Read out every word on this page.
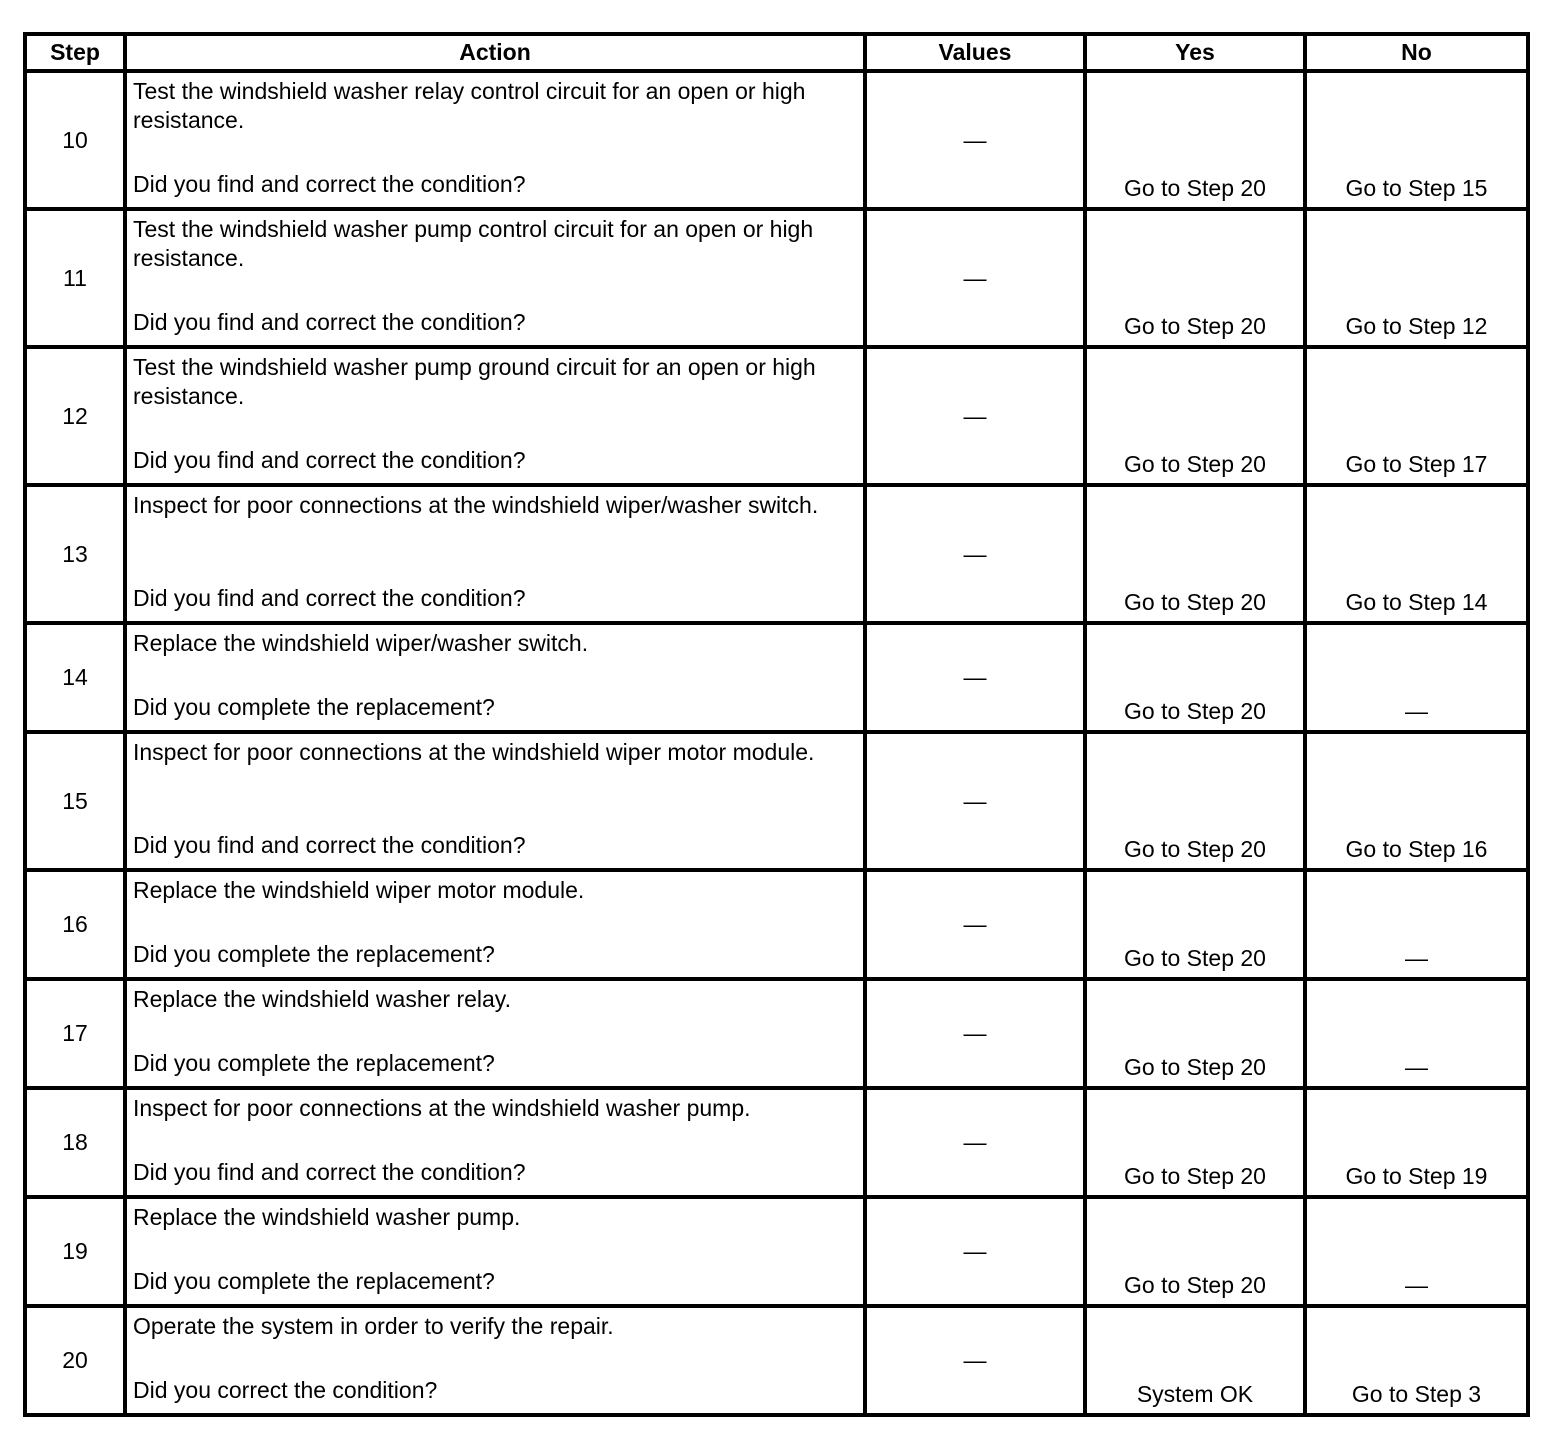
Step	Action	Values	Yes	No
10	Test the windshield washer relay control circuit for an open or high resistance.
Did you find and correct the condition?	—	Go to Step 20	Go to Step 15
11	Test the windshield washer pump control circuit for an open or high resistance.
Did you find and correct the condition?	—	Go to Step 20	Go to Step 12
12	Test the windshield washer pump ground circuit for an open or high resistance.
Did you find and correct the condition?	—	Go to Step 20	Go to Step 17
13	Inspect for poor connections at the windshield wiper/washer switch.
Did you find and correct the condition?	—	Go to Step 20	Go to Step 14
14	Replace the windshield wiper/washer switch.
Did you complete the replacement?	—	Go to Step 20	—
15	Inspect for poor connections at the windshield wiper motor module.
Did you find and correct the condition?	—	Go to Step 20	Go to Step 16
16	Replace the windshield wiper motor module.
Did you complete the replacement?	—	Go to Step 20	—
17	Replace the windshield washer relay.
Did you complete the replacement?	—	Go to Step 20	—
18	Inspect for poor connections at the windshield washer pump.
Did you find and correct the condition?	—	Go to Step 20	Go to Step 19
19	Replace the windshield washer pump.
Did you complete the replacement?	—	Go to Step 20	—
20	Operate the system in order to verify the repair.
Did you correct the condition?	—	System OK	Go to Step 3
